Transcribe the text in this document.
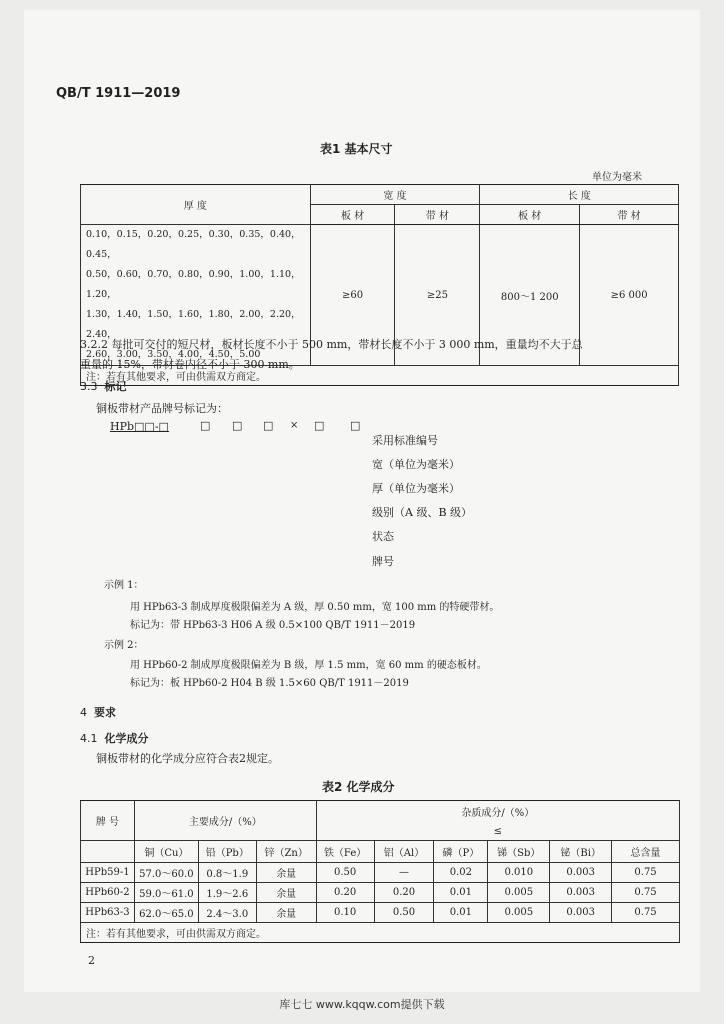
QB/T 1911—2019
表1 基本尺寸
单位为毫米
厚 度	宽 度		长 度	
	板 材	带 材	板 材	带 材

0.10，0.15，0.20，0.25，0.30，0.35，0.40，0.45，
0.50，0.60，0.70，0.80，0.90，1.00，1.10，1.20，
1.30，1.40，1.50，1.60，1.80，2.00，2.20，2.40，
2.60，3.00，3.50，4.00，4.50，5.00	≥60	≥25	800～1 200	≥6 000
注：若有其他要求，可由供需双方商定。				
3.2.2 每批可交付的短尺材，板材长度不小于 500 mm，带材长度不小于 3 000 mm，重量均不大于总
重量的 15%，带材卷内径不小于 300 mm。
3.3 标记
铜板带材产品牌号标记为：
HPb□□-□	□ □ □ × □ □
采用标准编号
宽（单位为毫米）
厚（单位为毫米）
级别（A 级、B 级）
状态
牌号
示例 1：
用 HPb63-3 制成厚度极限偏差为 A 级，厚 0.50 mm，宽 100 mm 的特硬带材。
标记为：带 HPb63-3 H06 A 级 0.5×100 QB/T 1911－2019
示例 2：
用 HPb60-2 制成厚度极限偏差为 B 级，厚 1.5 mm，宽 60 mm 的硬态板材。
标记为：板 HPb60-2 H04 B 级 1.5×60 QB/T 1911－2019
4 要求
4.1 化学成分
铜板带材的化学成分应符合表2规定。
表2 化学成分
牌 号	主要成分/（%）			杂质成分/（%）					
				≤					
	铜（Cu）	铅（Pb）	锌（Zn）	铁（Fe）	铝（Al）	磷（P）	锑（Sb）	铋（Bi）	总含量
HPb59-1	57.0～60.0	0.8～1.9	余量	0.50	—	0.02	0.010	0.003	0.75
HPb60-2	59.0～61.0	1.9～2.6	余量	0.20	0.20	0.01	0.005	0.003	0.75
HPb63-3	62.0～65.0	2.4～3.0	余量	0.10	0.50	0.01	0.005	0.003	0.75
注：若有其他要求，可由供需双方商定。									
2
库七七 www.kqqw.com提供下载
